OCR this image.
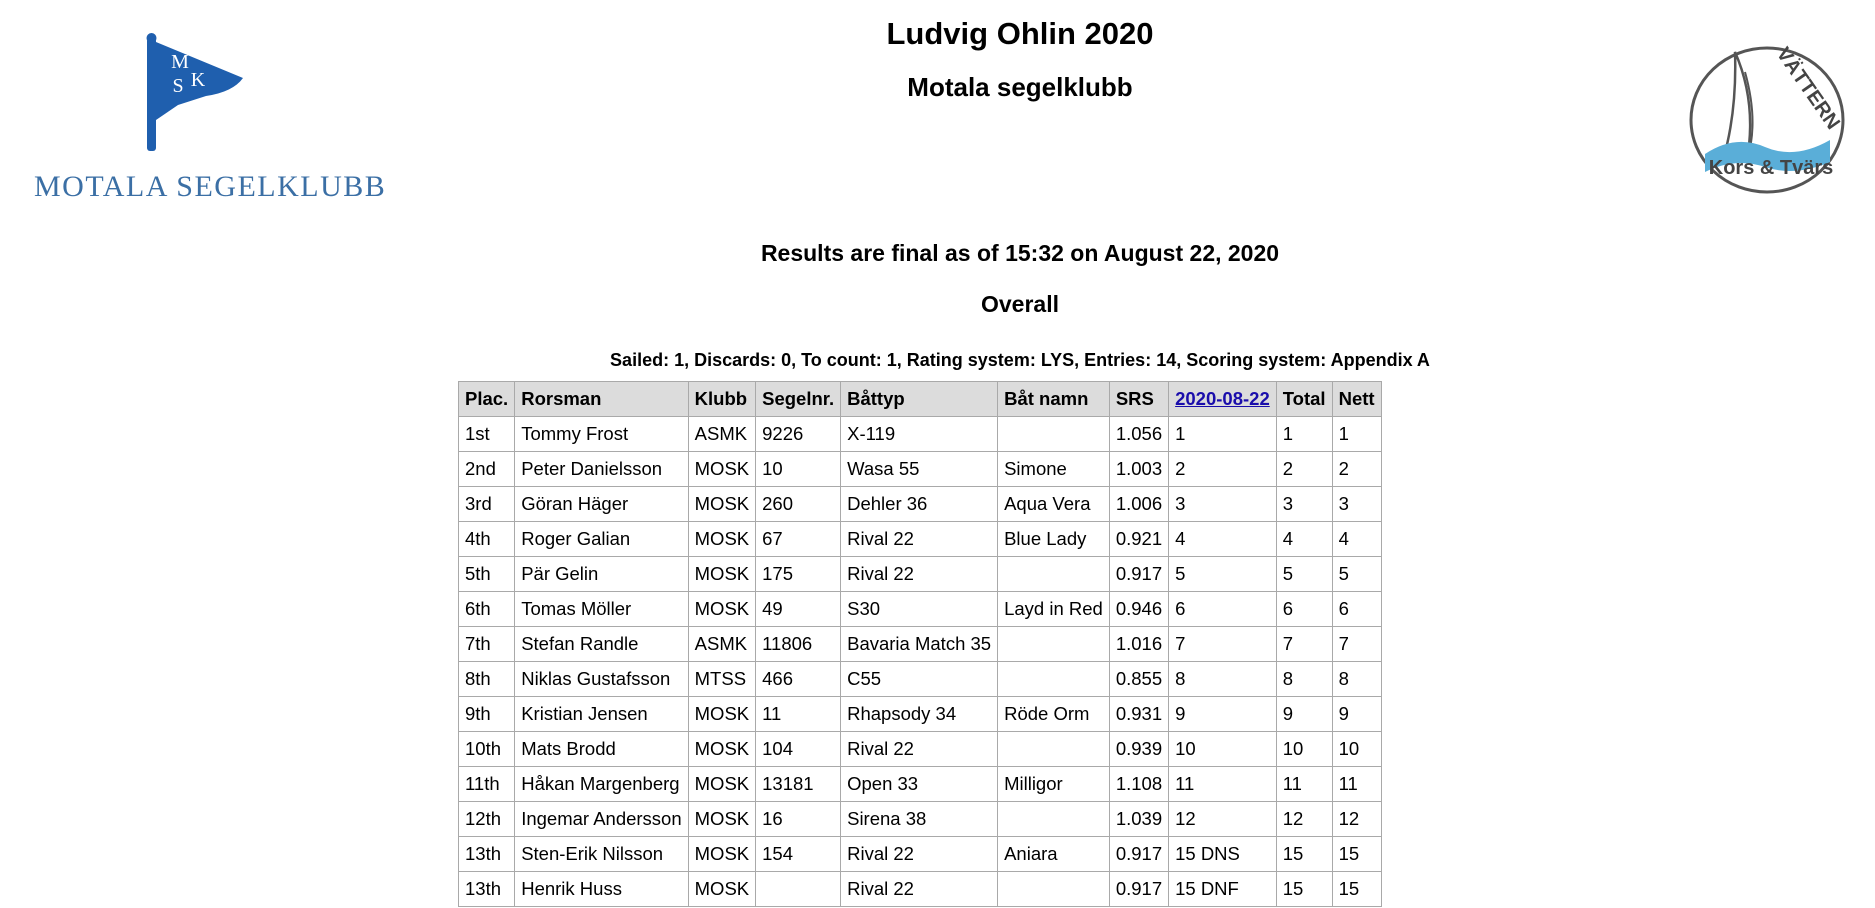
M
S K
MOTALA SEGELKLUBB
VÄTTERN
Kors & Tvärs
Ludvig Ohlin 2020
Motala segelklubb
Results are final as of 15:32 on August 22, 2020
Overall
Sailed: 1, Discards: 0, To count: 1, Rating system: LYS, Entries: 14, Scoring system: Appendix A
Plac.	Rorsman	Klubb	Segelnr.	Båttyp	Båt namn	SRS	2020-08-22	Total	Nett
1st	Tommy Frost	ASMK	9226	X-119		1.056	1	1	1
2nd	Peter Danielsson	MOSK	10	Wasa 55	Simone	1.003	2	2	2
3rd	Göran Häger	MOSK	260	Dehler 36	Aqua Vera	1.006	3	3	3
4th	Roger Galian	MOSK	67	Rival 22	Blue Lady	0.921	4	4	4
5th	Pär Gelin	MOSK	175	Rival 22		0.917	5	5	5
6th	Tomas Möller	MOSK	49	S30	Layd in Red	0.946	6	6	6
7th	Stefan Randle	ASMK	11806	Bavaria Match 35		1.016	7	7	7
8th	Niklas Gustafsson	MTSS	466	C55		0.855	8	8	8
9th	Kristian Jensen	MOSK	11	Rhapsody 34	Röde Orm	0.931	9	9	9
10th	Mats Brodd	MOSK	104	Rival 22		0.939	10	10	10
11th	Håkan Margenberg	MOSK	13181	Open 33	Milligor	1.108	11	11	11
12th	Ingemar Andersson	MOSK	16	Sirena 38		1.039	12	12	12
13th	Sten-Erik Nilsson	MOSK	154	Rival 22	Aniara	0.917	15 DNS	15	15
13th	Henrik Huss	MOSK		Rival 22		0.917	15 DNF	15	15
